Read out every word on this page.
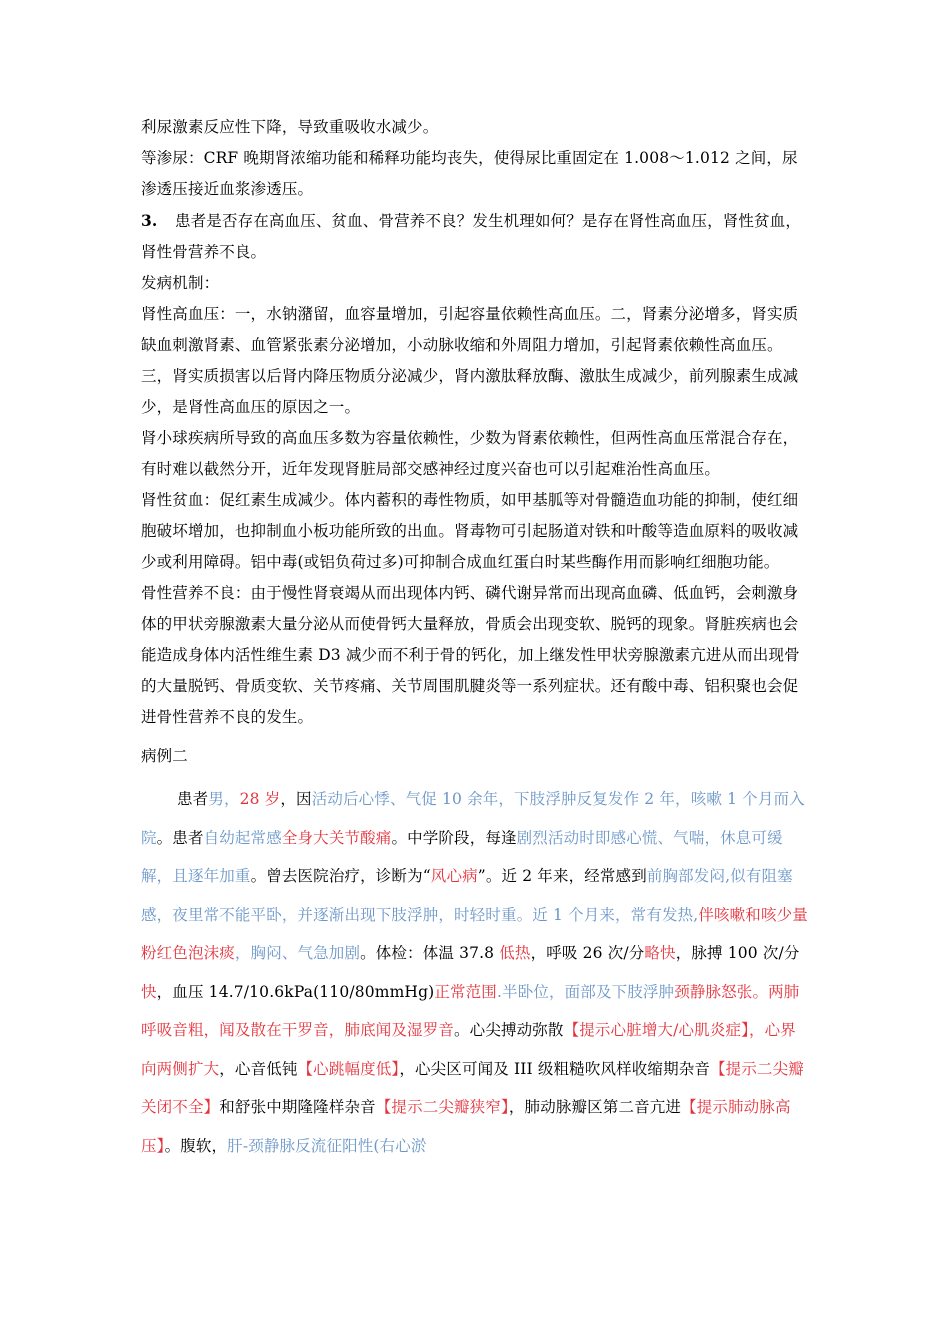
利尿激素反应性下降，导致重吸收水减少。

等渗尿：CRF 晚期肾浓缩功能和稀释功能均丧失，使得尿比重固定在 1.008～1.012 之间，尿渗透压接近血浆渗透压。

3. 患者是否存在高血压、贫血、骨营养不良？发生机理如何？是存在肾性高血压，肾性贫血，肾性骨营养不良。

发病机制：

肾性高血压：一，水钠潴留，血容量增加，引起容量依赖性高血压。二，肾素分泌增多，肾实质缺血刺激肾素、血管紧张素分泌增加，小动脉收缩和外周阻力增加，引起肾素依赖性高血压。

三，肾实质损害以后肾内降压物质分泌减少，肾内激肽释放酶、激肽生成减少，前列腺素生成减少，是肾性高血压的原因之一。

肾小球疾病所导致的高血压多数为容量依赖性，少数为肾素依赖性，但两性高血压常混合存在，有时难以截然分开，近年发现肾脏局部交感神经过度兴奋也可以引起难治性高血压。

肾性贫血：促红素生成减少。体内蓄积的毒性物质，如甲基胍等对骨髓造血功能的抑制，使红细胞破坏增加，也抑制血小板功能所致的出血。肾毒物可引起肠道对铁和叶酸等造血原料的吸收减少或利用障碍。铝中毒(或铝负荷过多)可抑制合成血红蛋白时某些酶作用而影响红细胞功能。

骨性营养不良：由于慢性肾衰竭从而出现体内钙、磷代谢异常而出现高血磷、低血钙，会刺激身体的甲状旁腺激素大量分泌从而使骨钙大量释放，骨质会出现变软、脱钙的现象。肾脏疾病也会能造成身体内活性维生素 D3 减少而不利于骨的钙化，加上继发性甲状旁腺激素亢进从而出现骨的大量脱钙、骨质变软、关节疼痛、关节周围肌腱炎等一系列症状。还有酸中毒、铝积聚也会促进骨性营养不良的发生。

病例二

患者男，28 岁，因活动后心悸、气促 10 余年，下肢浮肿反复发作 2 年，咳嗽 1 个月而入院。患者自幼起常感全身大关节酸痛。中学阶段，每逢剧烈活动时即感心慌、气喘，休息可缓解，且逐年加重。曾去医院治疗，诊断为“风心病”。近 2 年来，经常感到前胸部发闷,似有阻塞感，夜里常不能平卧，并逐渐出现下肢浮肿，时轻时重。近 1 个月来，常有发热,伴咳嗽和咳少量粉红色泡沫痰，胸闷、气急加剧。体检：体温 37.8 低热，呼吸 26 次/分略快，脉搏 100 次/分快，血压 14.7/10.6kPa(110/80mmHg)正常范围.半卧位，面部及下肢浮肿颈静脉怒张。两肺呼吸音粗，闻及散在干罗音，肺底闻及湿罗音。心尖搏动弥散【提示心脏增大/心肌炎症】，心界向两侧扩大，心音低钝【心跳幅度低】，心尖区可闻及 III 级粗糙吹风样收缩期杂音【提示二尖瓣关闭不全】和舒张中期隆隆样杂音【提示二尖瓣狭窄】，肺动脉瓣区第二音亢进【提示肺动脉高压】。腹软，肝-颈静脉反流征阳性(右心淤
